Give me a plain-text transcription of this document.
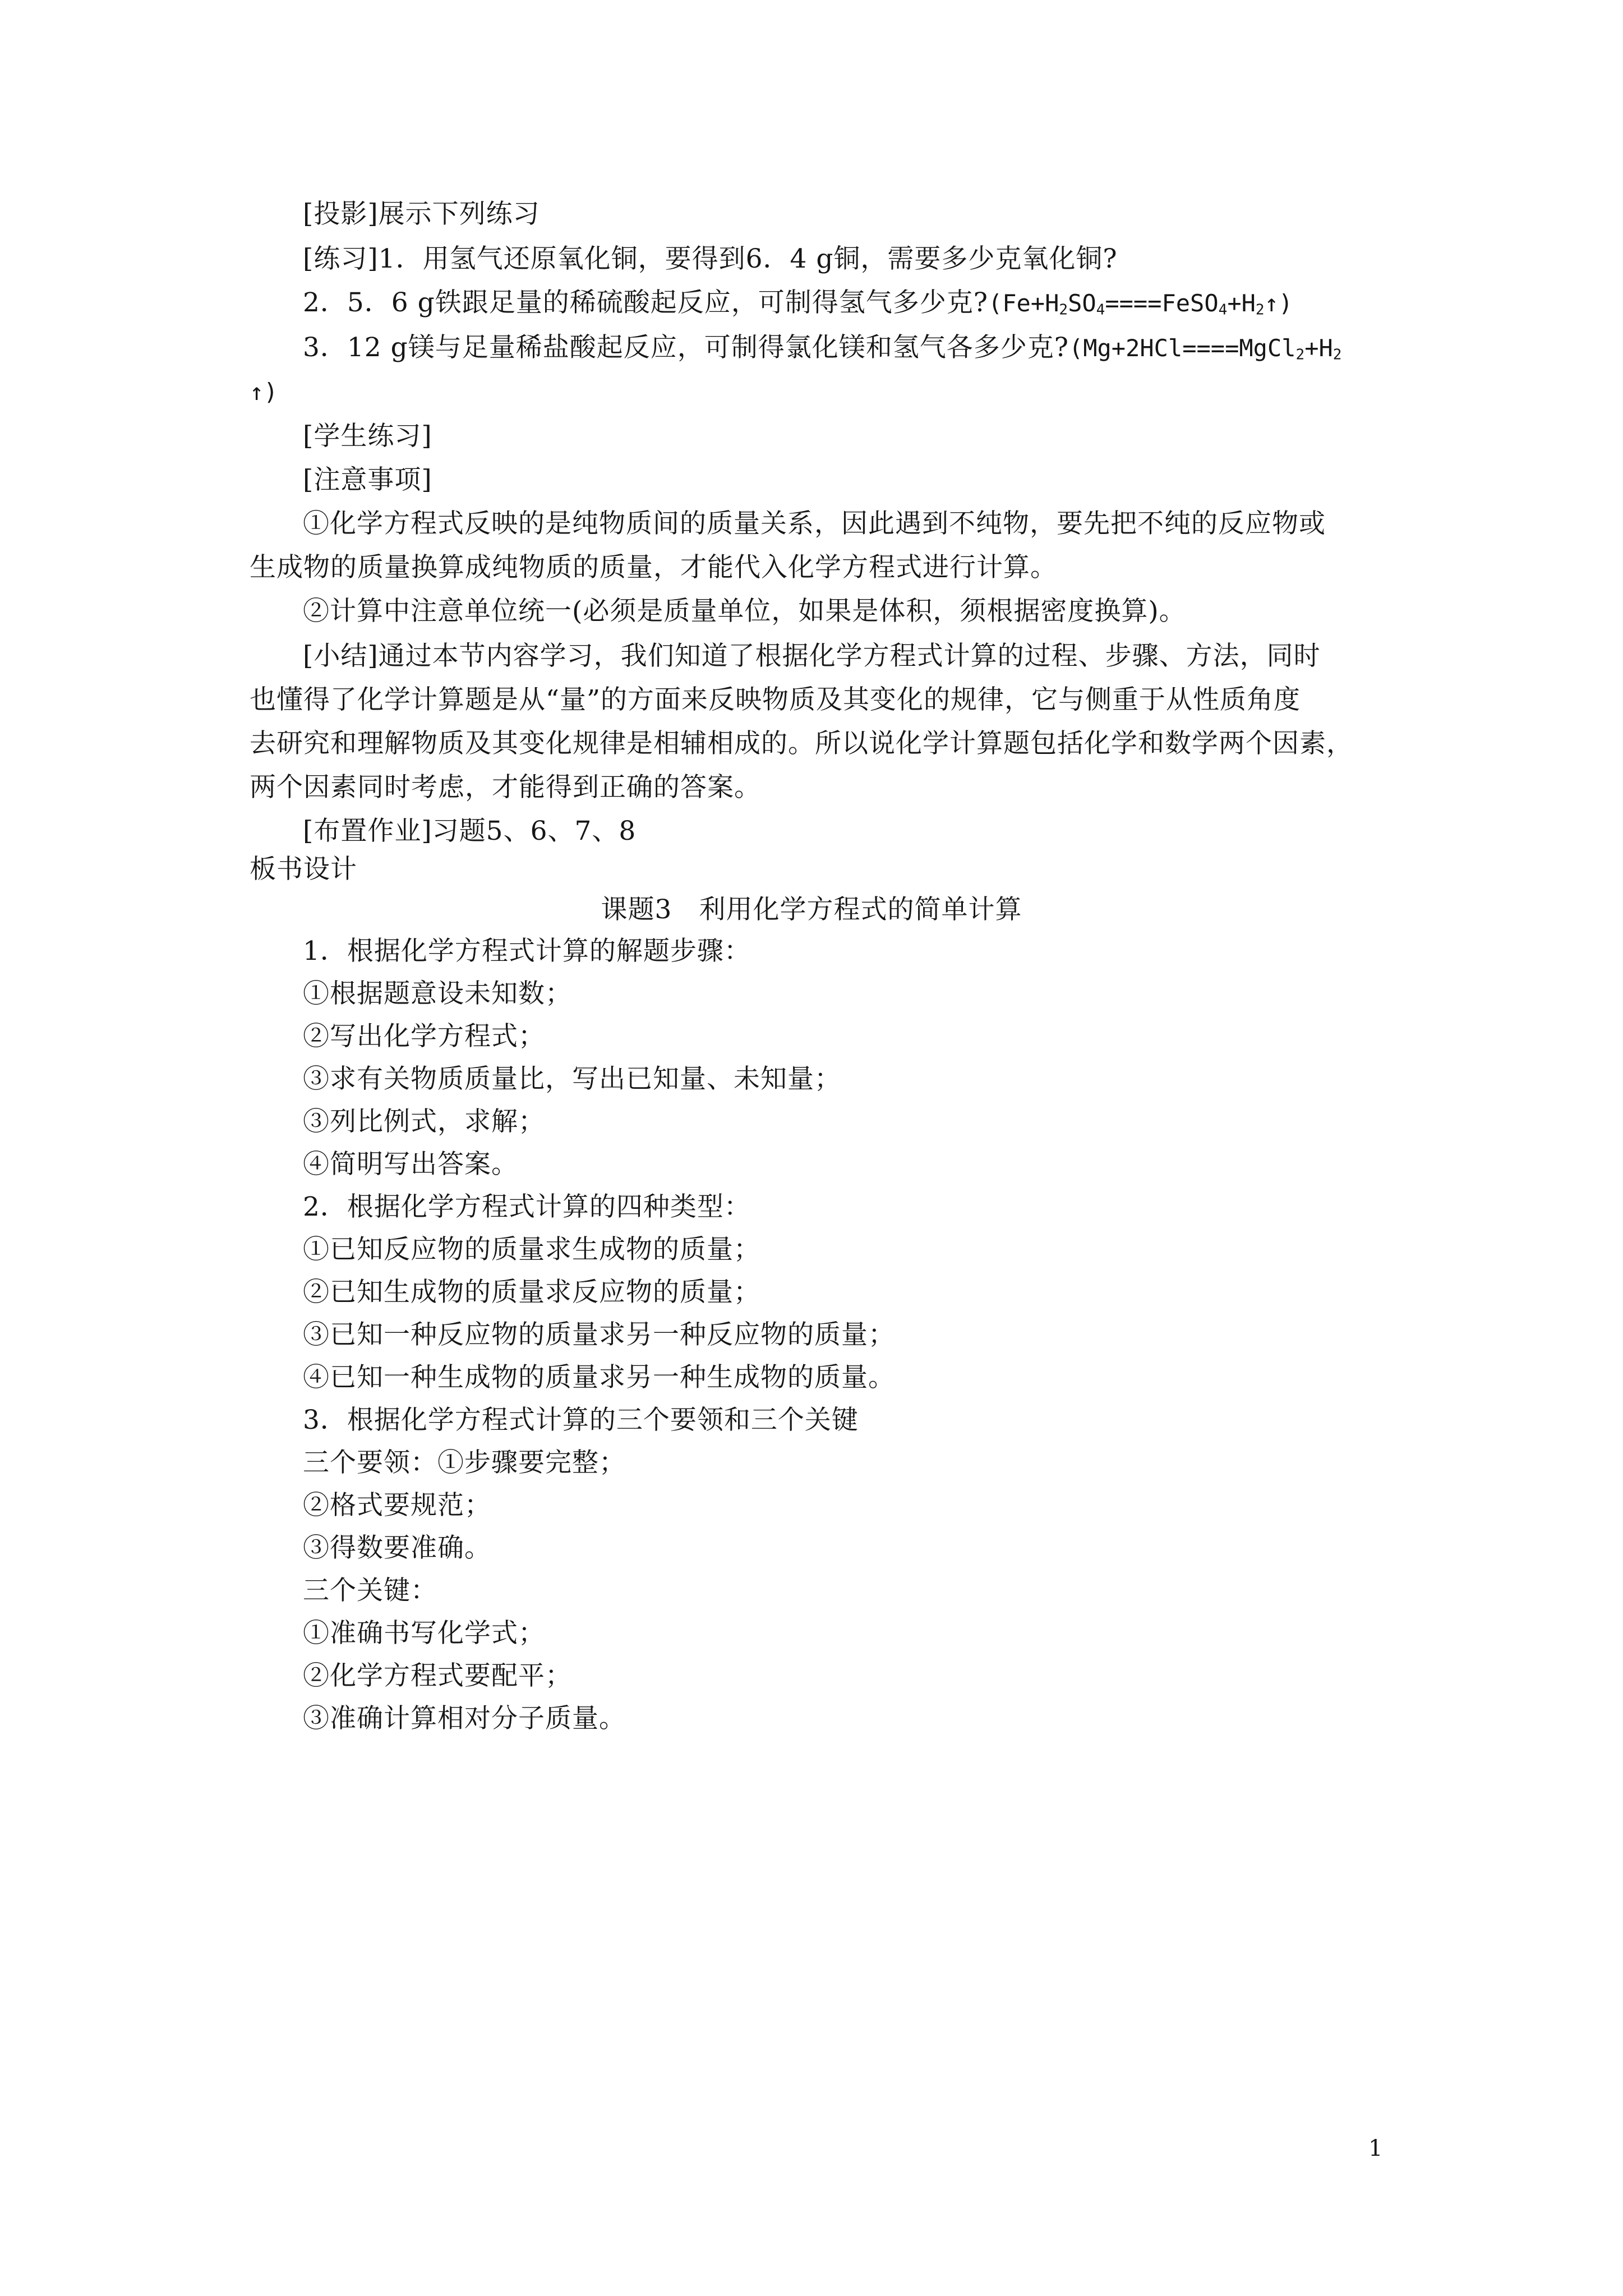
[投影]展示下列练习
[练习]1．用氢气还原氧化铜，要得到6．4 g铜，需要多少克氧化铜?
2．5．6 g铁跟足量的稀硫酸起反应，可制得氢气多少克$?(Fe+H_2SO_4====FeSO_4+H_2↑)$
3．12 g镁与足量稀盐酸起反应，可制得氯化镁和氢气各多少克$?(Mg+2HCl====MgCl_2+H_2$
↑)
[学生练习]
[注意事项]
①化学方程式反映的是纯物质间的质量关系，因此遇到不纯物，要先把不纯的反应物或
生成物的质量换算成纯物质的质量，才能代入化学方程式进行计算。
②计算中注意单位统一(必须是质量单位，如果是体积，须根据密度换算)。
[小结]通过本节内容学习，我们知道了根据化学方程式计算的过程、步骤、方法，同时
也懂得了化学计算题是从“量”的方面来反映物质及其变化的规律，它与侧重于从性质角度
去研究和理解物质及其变化规律是相辅相成的。所以说化学计算题包括化学和数学两个因素，
两个因素同时考虑，才能得到正确的答案。
[布置作业]习题5、6、7、8
板书设计
课题3　利用化学方程式的简单计算
1．根据化学方程式计算的解题步骤：
①根据题意设未知数；
②写出化学方程式；
③求有关物质质量比，写出已知量、未知量；
③列比例式，求解；
④简明写出答案。
2．根据化学方程式计算的四种类型：
①已知反应物的质量求生成物的质量；
②已知生成物的质量求反应物的质量；
③已知一种反应物的质量求另一种反应物的质量；
④已知一种生成物的质量求另一种生成物的质量。
3．根据化学方程式计算的三个要领和三个关键
三个要领：①步骤要完整；
②格式要规范；
③得数要准确。
三个关键：
①准确书写化学式；
②化学方程式要配平；
③准确计算相对分子质量。
1
